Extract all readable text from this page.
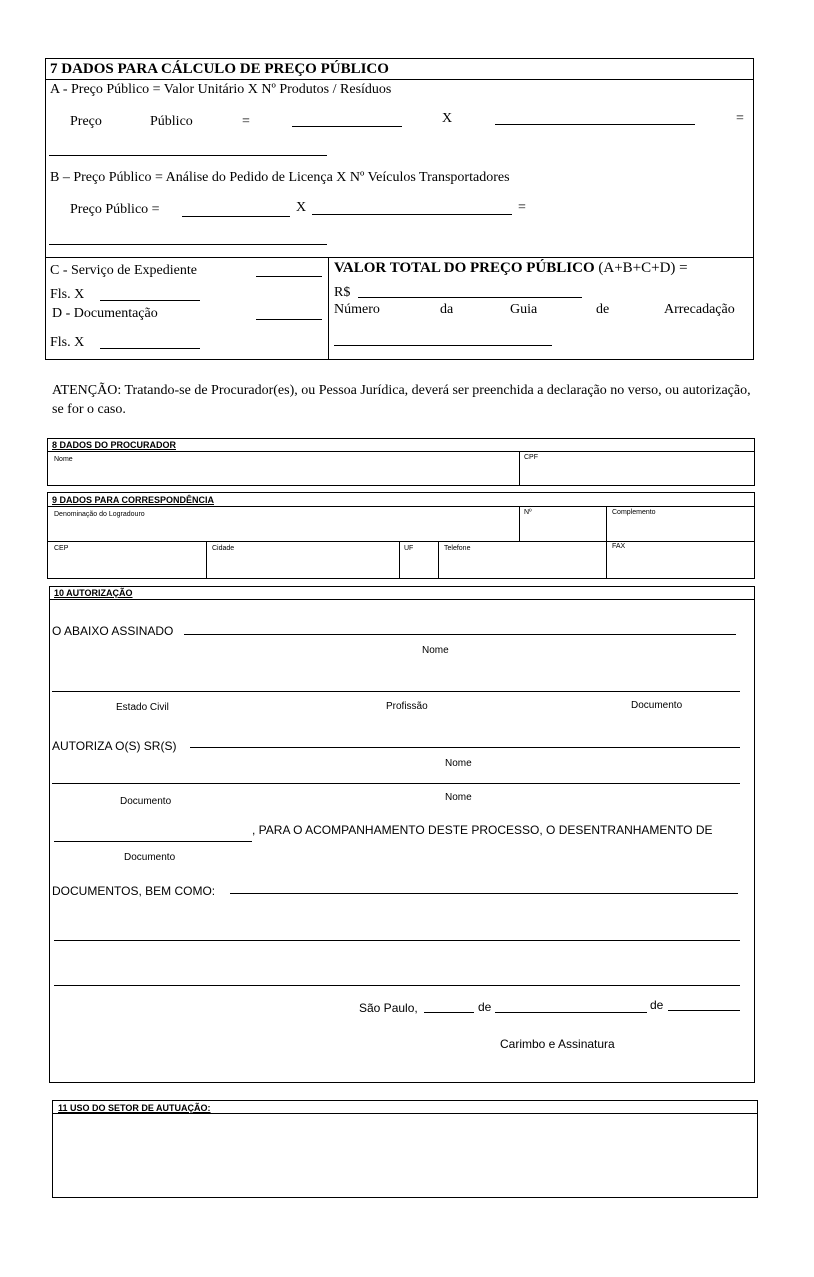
7 DADOS PARA CÁLCULO DE PREÇO PÚBLICO
A - Preço Público = Valor Unitário X Nº Produtos / Resíduos
Preço	Público	=	X	=
B – Preço Público = Análise do Pedido de Licença X Nº Veículos Transportadores
Preço Público =	X	=
C - Serviço de Expediente
Fls. X
D - Documentação
Fls. X
VALOR TOTAL DO PREÇO PÚBLICO (A+B+C+D) =
R$
Número	da	Guia	de	Arrecadação
ATENÇÃO: Tratando-se de Procurador(es), ou Pessoa Jurídica, deverá ser preenchida a declaração no verso, ou autorização, se for o caso.
8 DADOS DO PROCURADOR
Nome	CPF
9 DADOS PARA CORRESPONDÊNCIA
Denominação do Logradouro	Nº	Complemento
CEP	Cidade	UF	Telefone	FAX
10 AUTORIZAÇÃO
O ABAIXO ASSINADO
Nome
Estado Civil	Profissão	Documento
AUTORIZA O(S) SR(S)
Nome
Documento	Nome
, PARA O ACOMPANHAMENTO DESTE PROCESSO, O DESENTRANHAMENTO DE
Documento
DOCUMENTOS, BEM COMO:
São Paulo,	de	de
Carimbo e Assinatura
11 USO DO SETOR DE AUTUAÇÃO:
